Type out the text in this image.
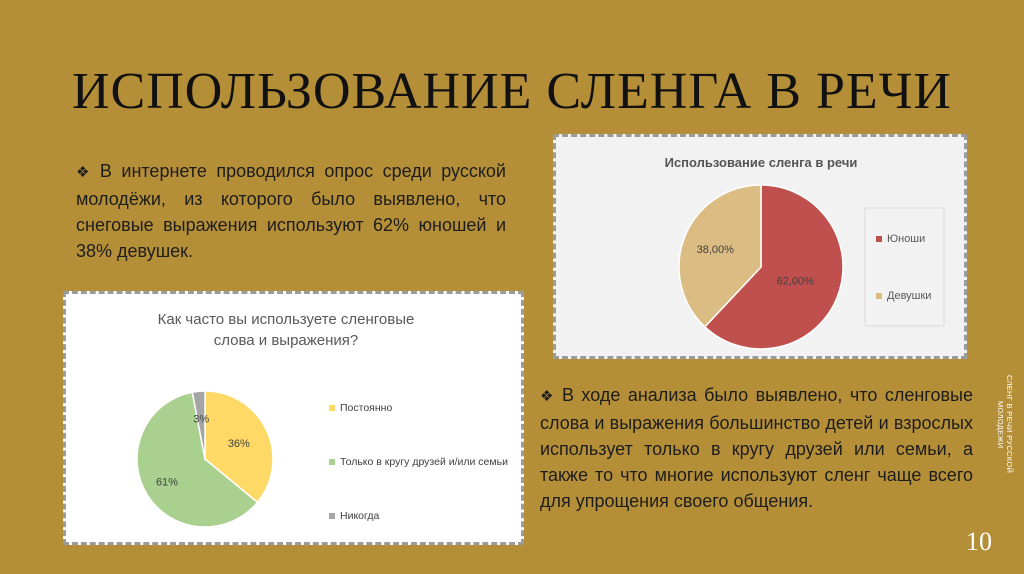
ИСПОЛЬЗОВАНИЕ СЛЕНГА В РЕЧИ
❖ В интернете проводился опрос среди русской молодёжи, из которого было выявлено, что снеговые выражения используют 62% юношей и 38% девушек.
Использование сленга в речи
62,00%
38,00%
Юноши
Девушки
Как часто вы используете сленговые слова и выражения?
36%
61%
3%
Постоянно
Только в кругу друзей и/или семьи
Никогда
❖ В ходе анализа было выявлено, что сленговые слова и выражения большинство детей и взрослых использует только в кругу друзей или семьи, а также то что многие используют сленг чаще всего для упрощения своего общения.
СЛЕНГ В РЕЧИ РУССКОЙ МОЛОДЕЖИ
10
